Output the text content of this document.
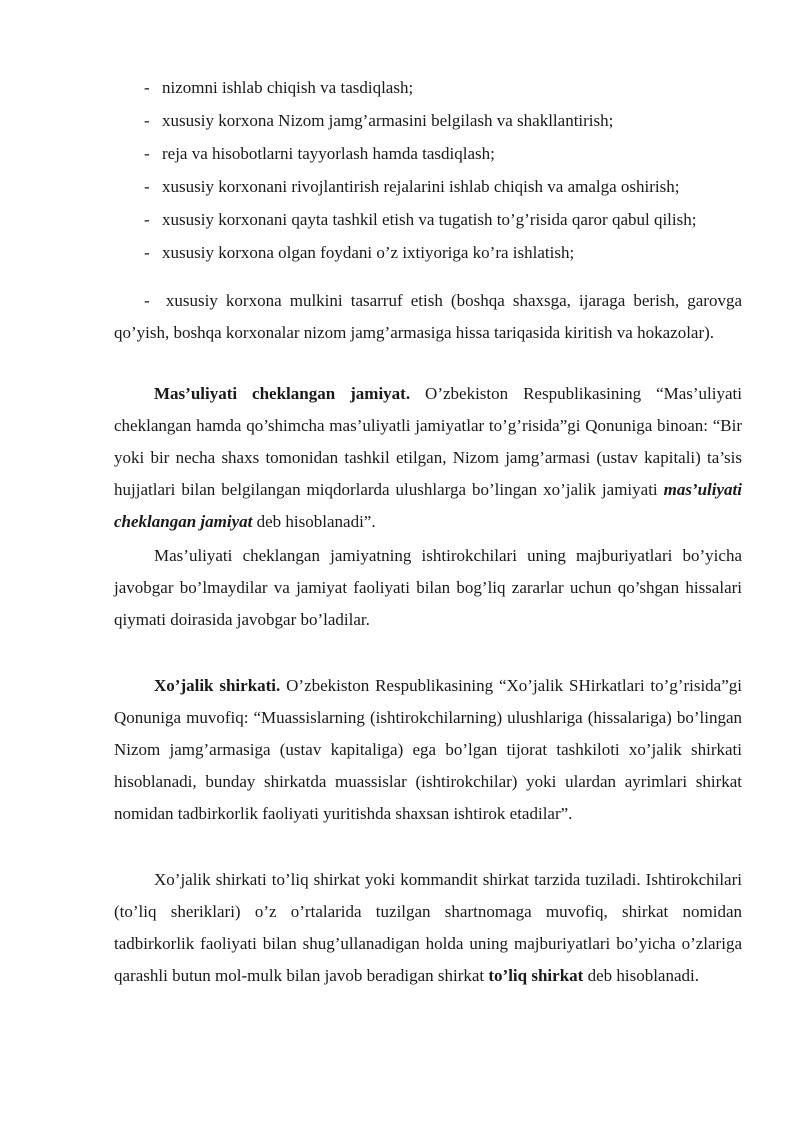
- nizomni ishlab chiqish va tasdiqlash;
- xususiy korxona Nizom jamg’armasini belgilash va shakllantirish;
- reja va hisobotlarni tayyorlash hamda tasdiqlash;
- xususiy korxonani rivojlantirish rejalarini ishlab chiqish va amalga oshirish;
- xususiy korxonani qayta tashkil etish va tugatish to’g’risida qaror qabul qilish;
- xususiy korxona olgan foydani o’z ixtiyoriga ko’ra ishlatish;

- xususiy korxona mulkini tasarruf etish (boshqa shaxsga, ijaraga berish, garovga qo’yish, boshqa korxonalar nizom jamg’armasiga hissa tariqasida kiritish va hokazolar).

Mas’uliyati cheklangan jamiyat. O’zbekiston Respublikasining “Mas’uliyati cheklangan hamda qo’shimcha mas’uliyatli jamiyatlar to’g’risida”gi Qonuniga binoan: “Bir yoki bir necha shaxs tomonidan tashkil etilgan, Nizom jamg’armasi (ustav kapitali) ta’sis hujjatlari bilan belgilangan miqdorlarda ulushlarga bo’lingan xo’jalik jamiyati mas’uliyati cheklangan jamiyat deb hisoblanadi”.

Mas’uliyati cheklangan jamiyatning ishtirokchilari uning majburiyatlari bo’yicha javobgar bo’lmaydilar va jamiyat faoliyati bilan bog’liq zararlar uchun qo’shgan hissalari qiymati doirasida javobgar bo’ladilar.

Xo’jalik shirkati. O’zbekiston Respublikasining “Xo’jalik SHirkatlari to’g’risida”gi Qonuniga muvofiq: “Muassislarning (ishtirokchilarning) ulushlariga (hissalariga) bo’lingan Nizom jamg’armasiga (ustav kapitaliga) ega bo’lgan tijorat tashkiloti xo’jalik shirkati hisoblanadi, bunday shirkatda muassislar (ishtirokchilar) yoki ulardan ayrimlari shirkat nomidan tadbirkorlik faoliyati yuritishda shaxsan ishtirok etadilar”.

Xo’jalik shirkati to’liq shirkat yoki kommandit shirkat tarzida tuziladi. Ishtirokchilari (to’liq sheriklari) o’z o’rtalarida tuzilgan shartnomaga muvofiq, shirkat nomidan tadbirkorlik faoliyati bilan shug’ullanadigan holda uning majburiyatlari bo’yicha o’zlariga qarashli butun mol-mulk bilan javob beradigan shirkat to’liq shirkat deb hisoblanadi.
